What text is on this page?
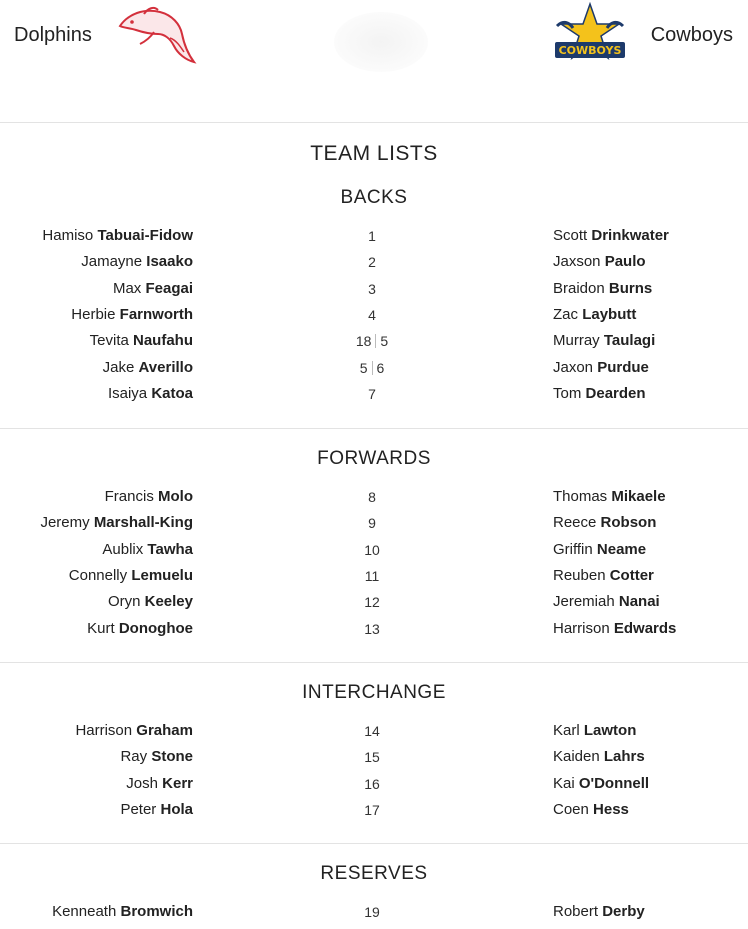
Dolphins
COWBOYS
Cowboys
TEAM LISTS
BACKS
Hamiso Tabuai-Fidow	1	Scott Drinkwater
Jamayne Isaako	2	Jaxson Paulo
Max Feagai	3	Braidon Burns
Herbie Farnworth	4	Zac Laybutt
Tevita Naufahu	18 5	Murray Taulagi
Jake Averillo	5 6	Jaxon Purdue
Isaiya Katoa	7	Tom Dearden
FORWARDS
Francis Molo	8	Thomas Mikaele
Jeremy Marshall-King	9	Reece Robson
Aublix Tawha	10	Griffin Neame
Connelly Lemuelu	11	Reuben Cotter
Oryn Keeley	12	Jeremiah Nanai
Kurt Donoghoe	13	Harrison Edwards
INTERCHANGE
Harrison Graham	14	Karl Lawton
Ray Stone	15	Kaiden Lahrs
Josh Kerr	16	Kai O'Donnell
Peter Hola	17	Coen Hess
RESERVES
Kenneath Bromwich	19	Robert Derby
